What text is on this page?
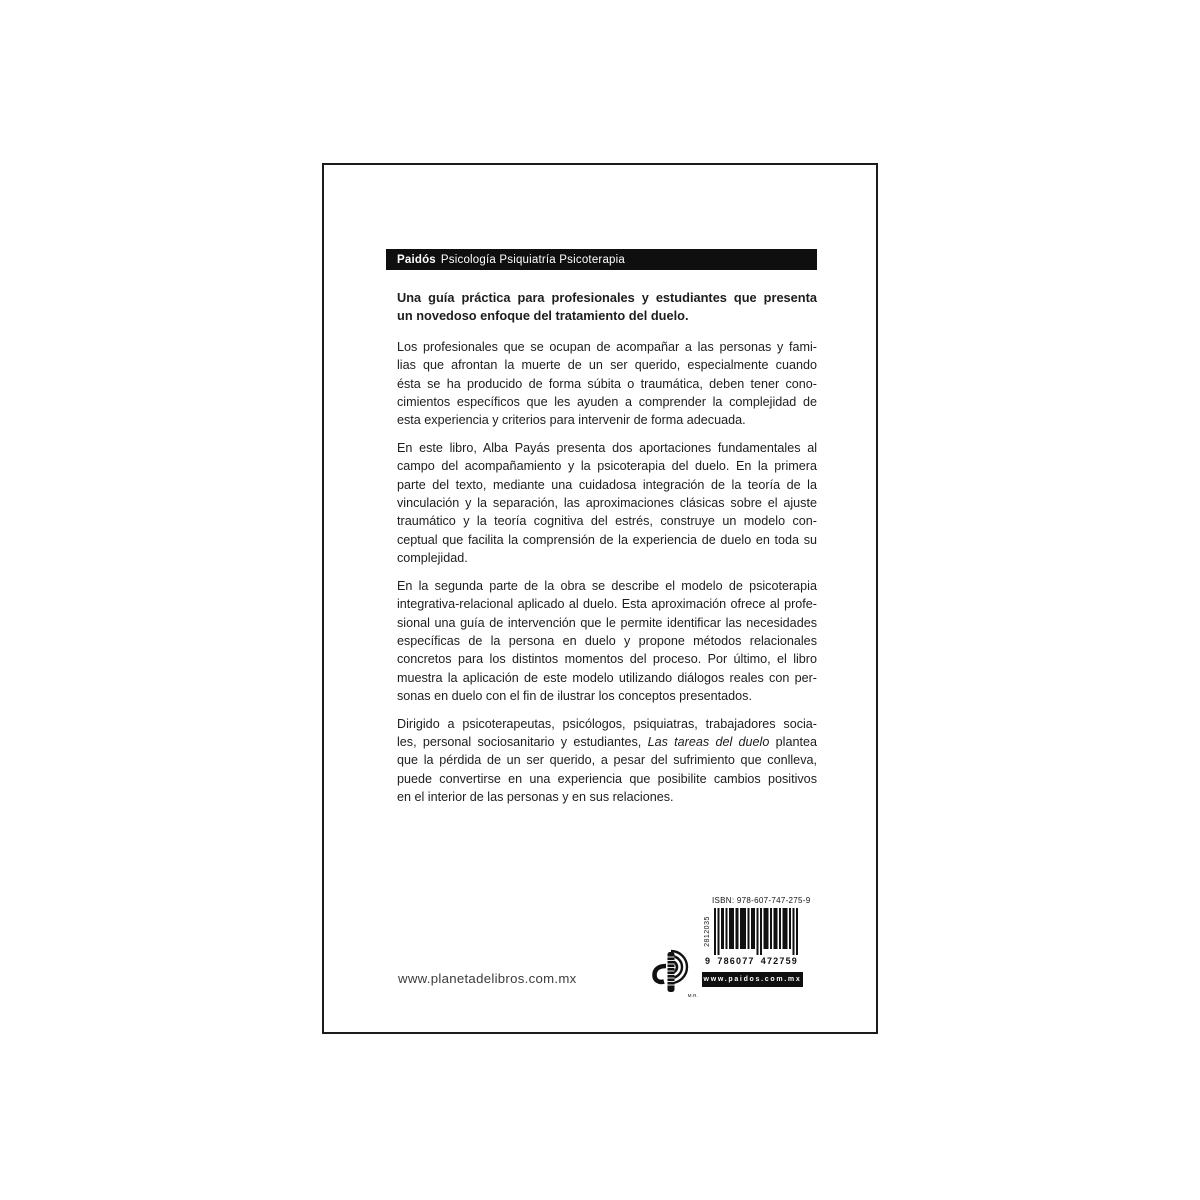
Paidós Psicología Psiquiatría Psicoterapia
Una guía práctica para profesionales y estudiantes que presenta
un novedoso enfoque del tratamiento del duelo.
Los profesionales que se ocupan de acompañar a las personas y fami-
lias que afrontan la muerte de un ser querido, especialmente cuando
ésta se ha producido de forma súbita o traumática, deben tener cono-
cimientos específicos que les ayuden a comprender la complejidad de
esta experiencia y criterios para intervenir de forma adecuada.
En este libro, Alba Payás presenta dos aportaciones fundamentales al
campo del acompañamiento y la psicoterapia del duelo. En la primera
parte del texto, mediante una cuidadosa integración de la teoría de la
vinculación y la separación, las aproximaciones clásicas sobre el ajuste
traumático y la teoría cognitiva del estrés, construye un modelo con-
ceptual que facilita la comprensión de la experiencia de duelo en toda su
complejidad.
En la segunda parte de la obra se describe el modelo de psicoterapia
integrativa-relacional aplicado al duelo. Esta aproximación ofrece al profe-
sional una guía de intervención que le permite identificar las necesidades
específicas de la persona en duelo y propone métodos relacionales
concretos para los distintos momentos del proceso. Por último, el libro
muestra la aplicación de este modelo utilizando diálogos reales con per-
sonas en duelo con el fin de ilustrar los conceptos presentados.
Dirigido a psicoterapeutas, psicólogos, psiquiatras, trabajadores socia-
les, personal sociosanitario y estudiantes, Las tareas del duelo plantea
que la pérdida de un ser querido, a pesar del sufrimiento que conlleva,
puede convertirse en una experiencia que posibilite cambios positivos
en el interior de las personas y en sus relaciones.
www.planetadelibros.com.mx
M.R.
ISBN: 978-607-747-275-9
2812035
9 786077 472759
www.paidos.com.mx
